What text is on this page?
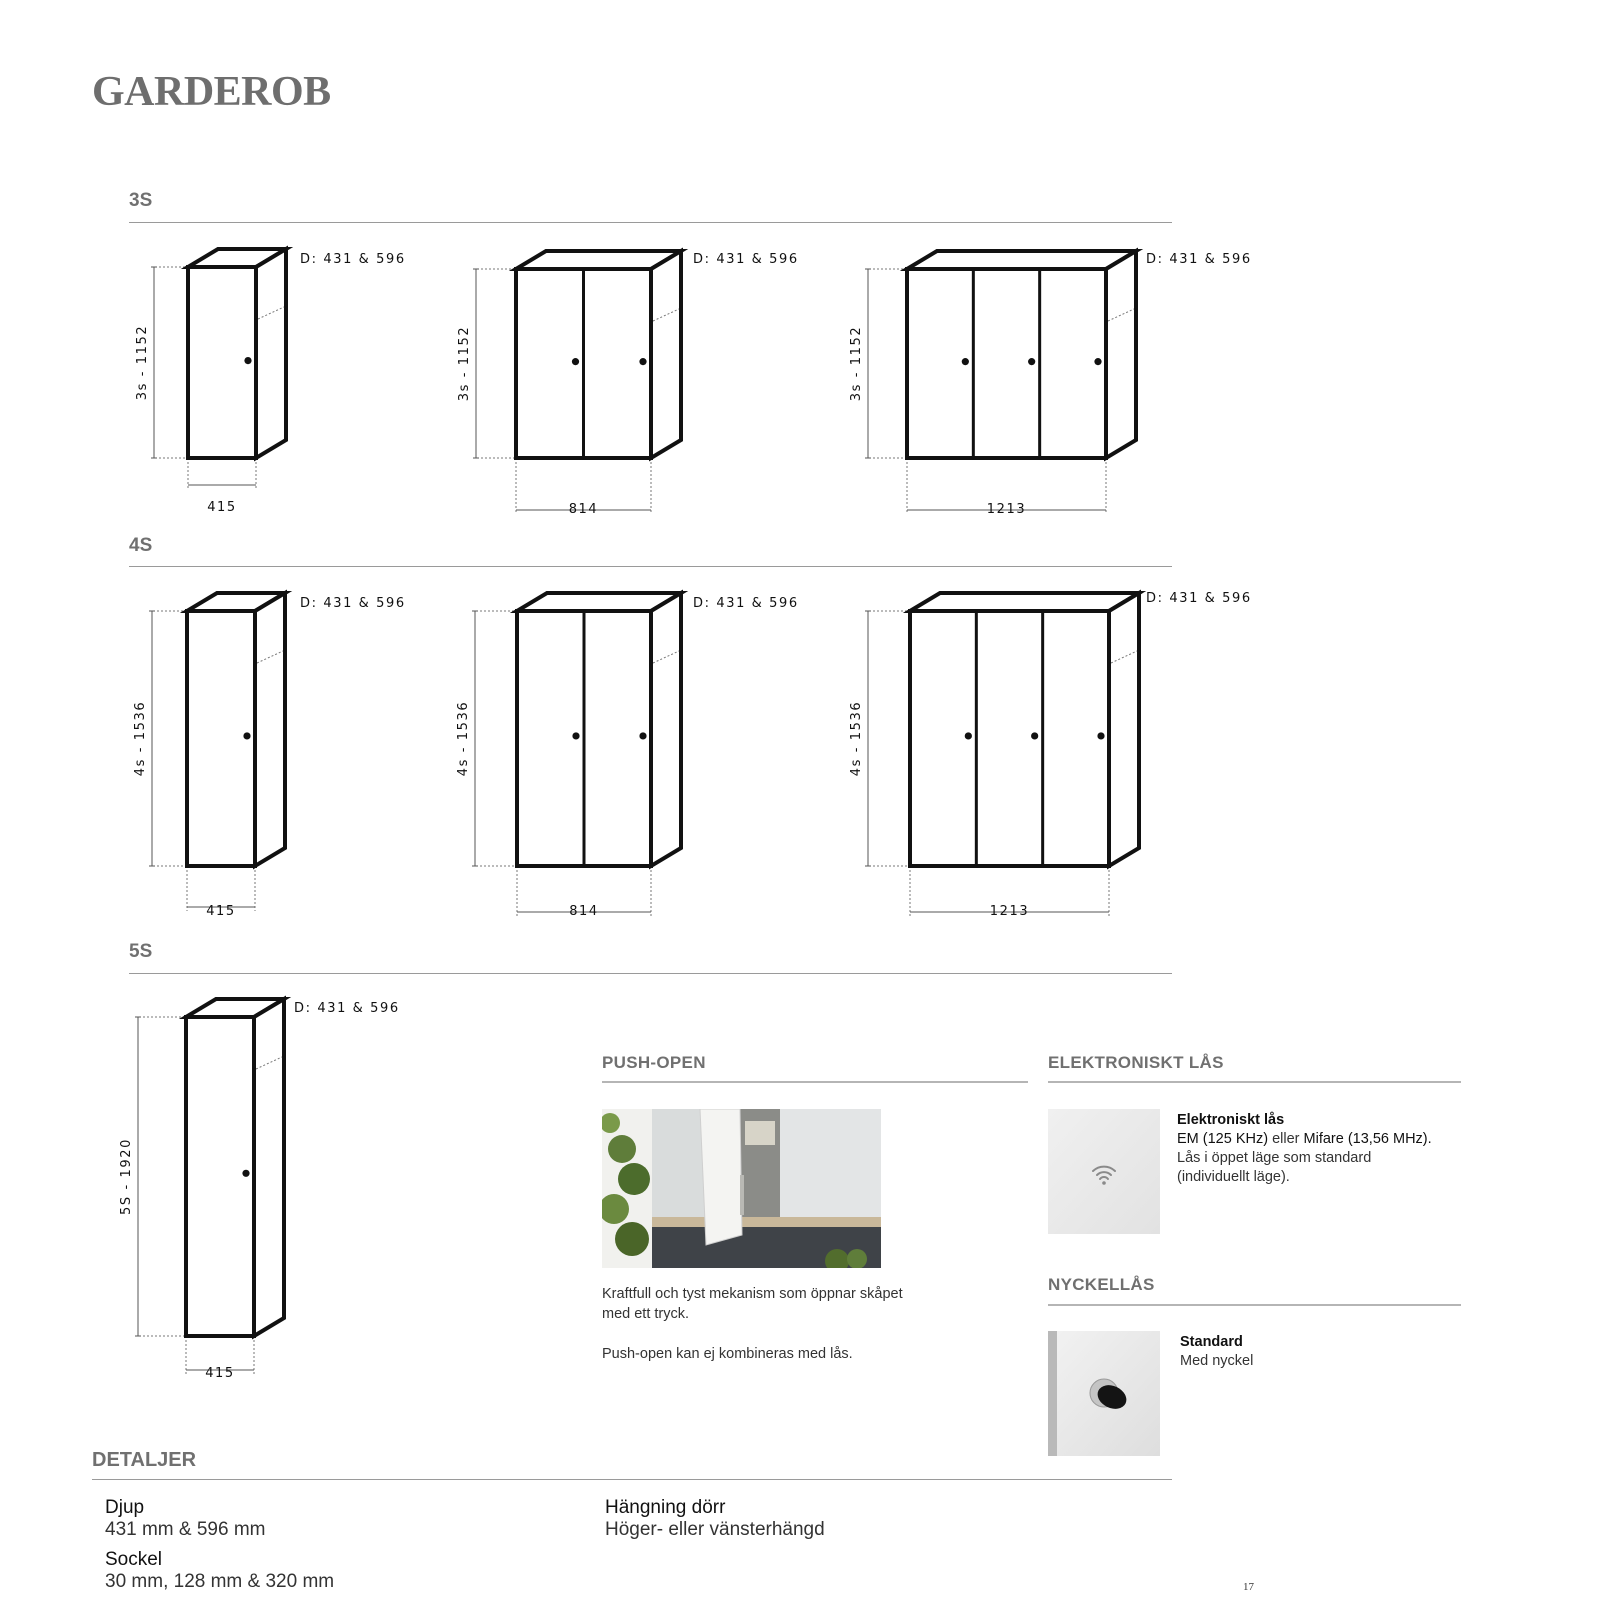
GARDEROB
3S
4S
5S
D: 431 & 596
3s - 1152
415
D: 431 & 596
3s - 1152
814
D: 431 & 596
3s - 1152
1213
D: 431 & 596
4s - 1536
415
D: 431 & 596
4s - 1536
814
D: 431 & 596
4s - 1536
1213
D: 431 & 596
5S - 1920
415
PUSH-OPEN
Kraftfull och tyst mekanism som öppnar skåpet med ett tryck.
Push-open kan ej kombineras med lås.
ELEKTRONISKT LÅS
Elektroniskt lås
EM (125 KHz) eller Mifare (13,56 MHz).
Lås i öppet läge som standard (individuellt läge).
NYCKELLÅS
Standard
Med nyckel
DETALJER
Djup
431 mm & 596 mm
Sockel
30 mm, 128 mm & 320 mm
Hängning dörr
Höger- eller vänsterhängd
17
